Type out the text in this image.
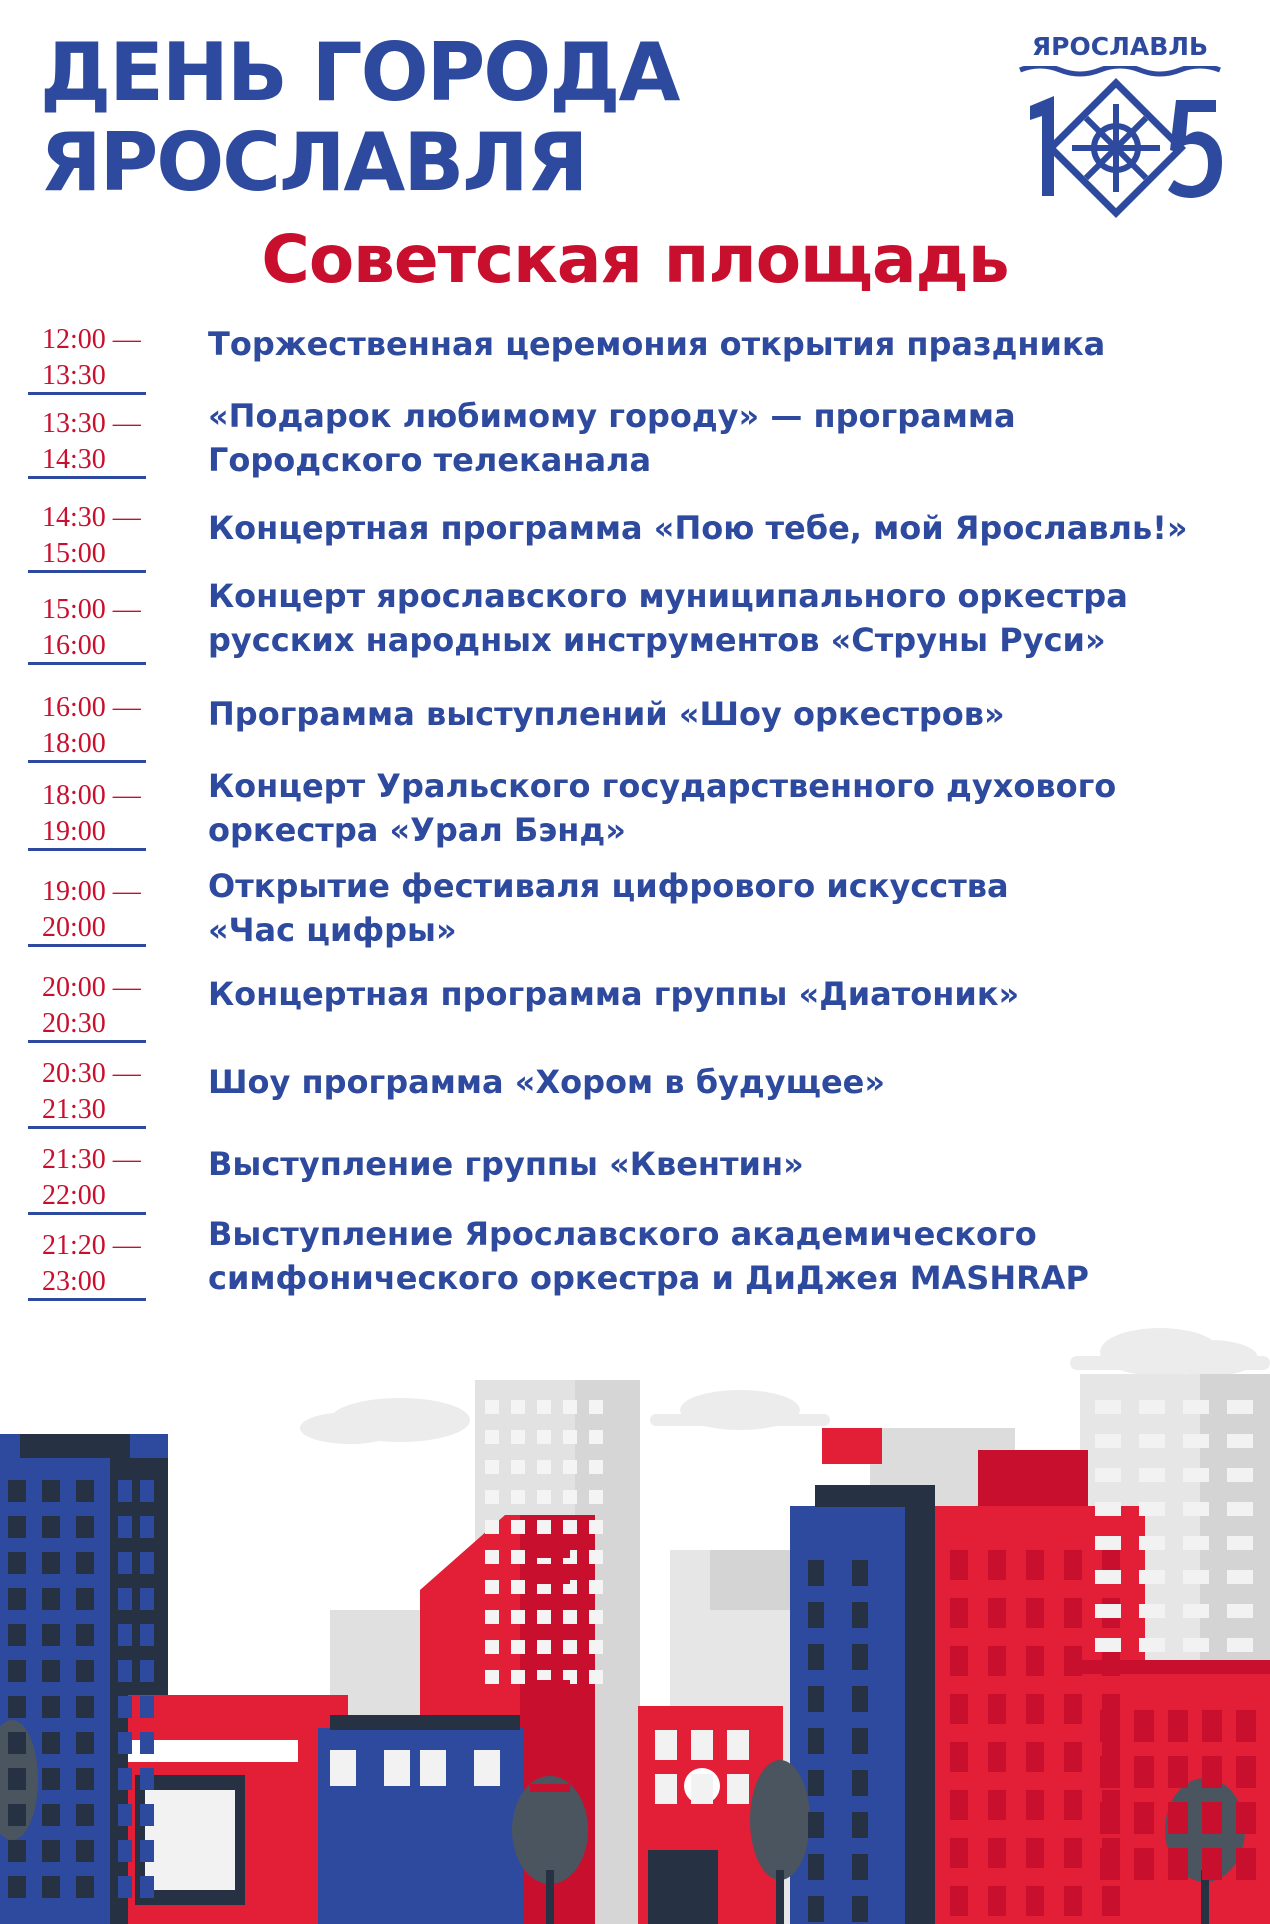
ДЕНЬ ГОРОДА
ЯРОСЛАВЛЯ
ЯРОСЛАВЛЬ
Советская площадь
12:00 —
13:30
Торжественная церемония открытия праздника
13:30 —
14:30
«Подарок любимому городу» — программа
Городского телеканала
14:30 —
15:00
Концертная программа «Пою тебе, мой Ярославль!»
15:00 —
16:00
Концерт ярославского муниципального оркестра
русских народных инструментов «Струны Руси»
16:00 —
18:00
Программа выступлений «Шоу оркестров»
18:00 —
19:00
Концерт Уральского государственного духового
оркестра «Урал Бэнд»
19:00 —
20:00
Открытие фестиваля цифрового искусства
«Час цифры»
20:00 —
20:30
Концертная программа группы «Диатоник»
20:30 —
21:30
Шоу программа «Хором в будущее»
21:30 —
22:00
Выступление группы «Квентин»
21:20 —
23:00
Выступление Ярославского академического
симфонического оркестра и ДиДжея MASHRAP
